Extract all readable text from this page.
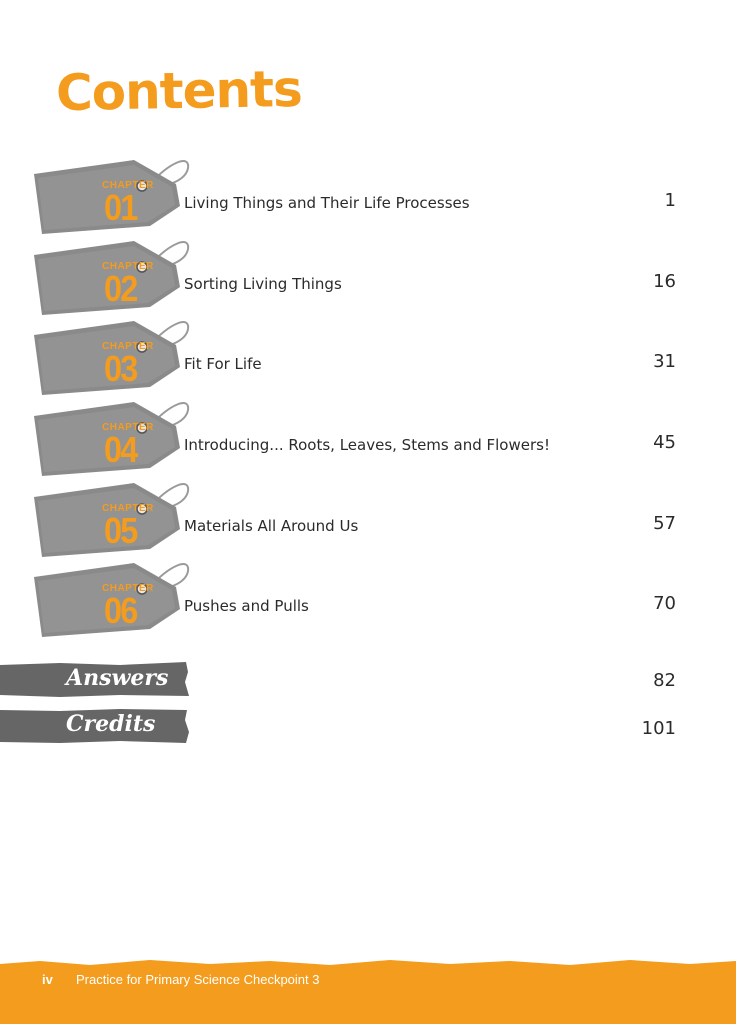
Contents
CHAPTER
01	Living Things and Their Life Processes	1
CHAPTER
02	Sorting Living Things	16
CHAPTER
03	Fit For Life	31
CHAPTER
04	Introducing... Roots, Leaves, Stems and Flowers!	45
CHAPTER
05	Materials All Around Us	57
CHAPTER
06	Pushes and Pulls	70
Answers	82
Credits	101
iv Practice for Primary Science Checkpoint 3
